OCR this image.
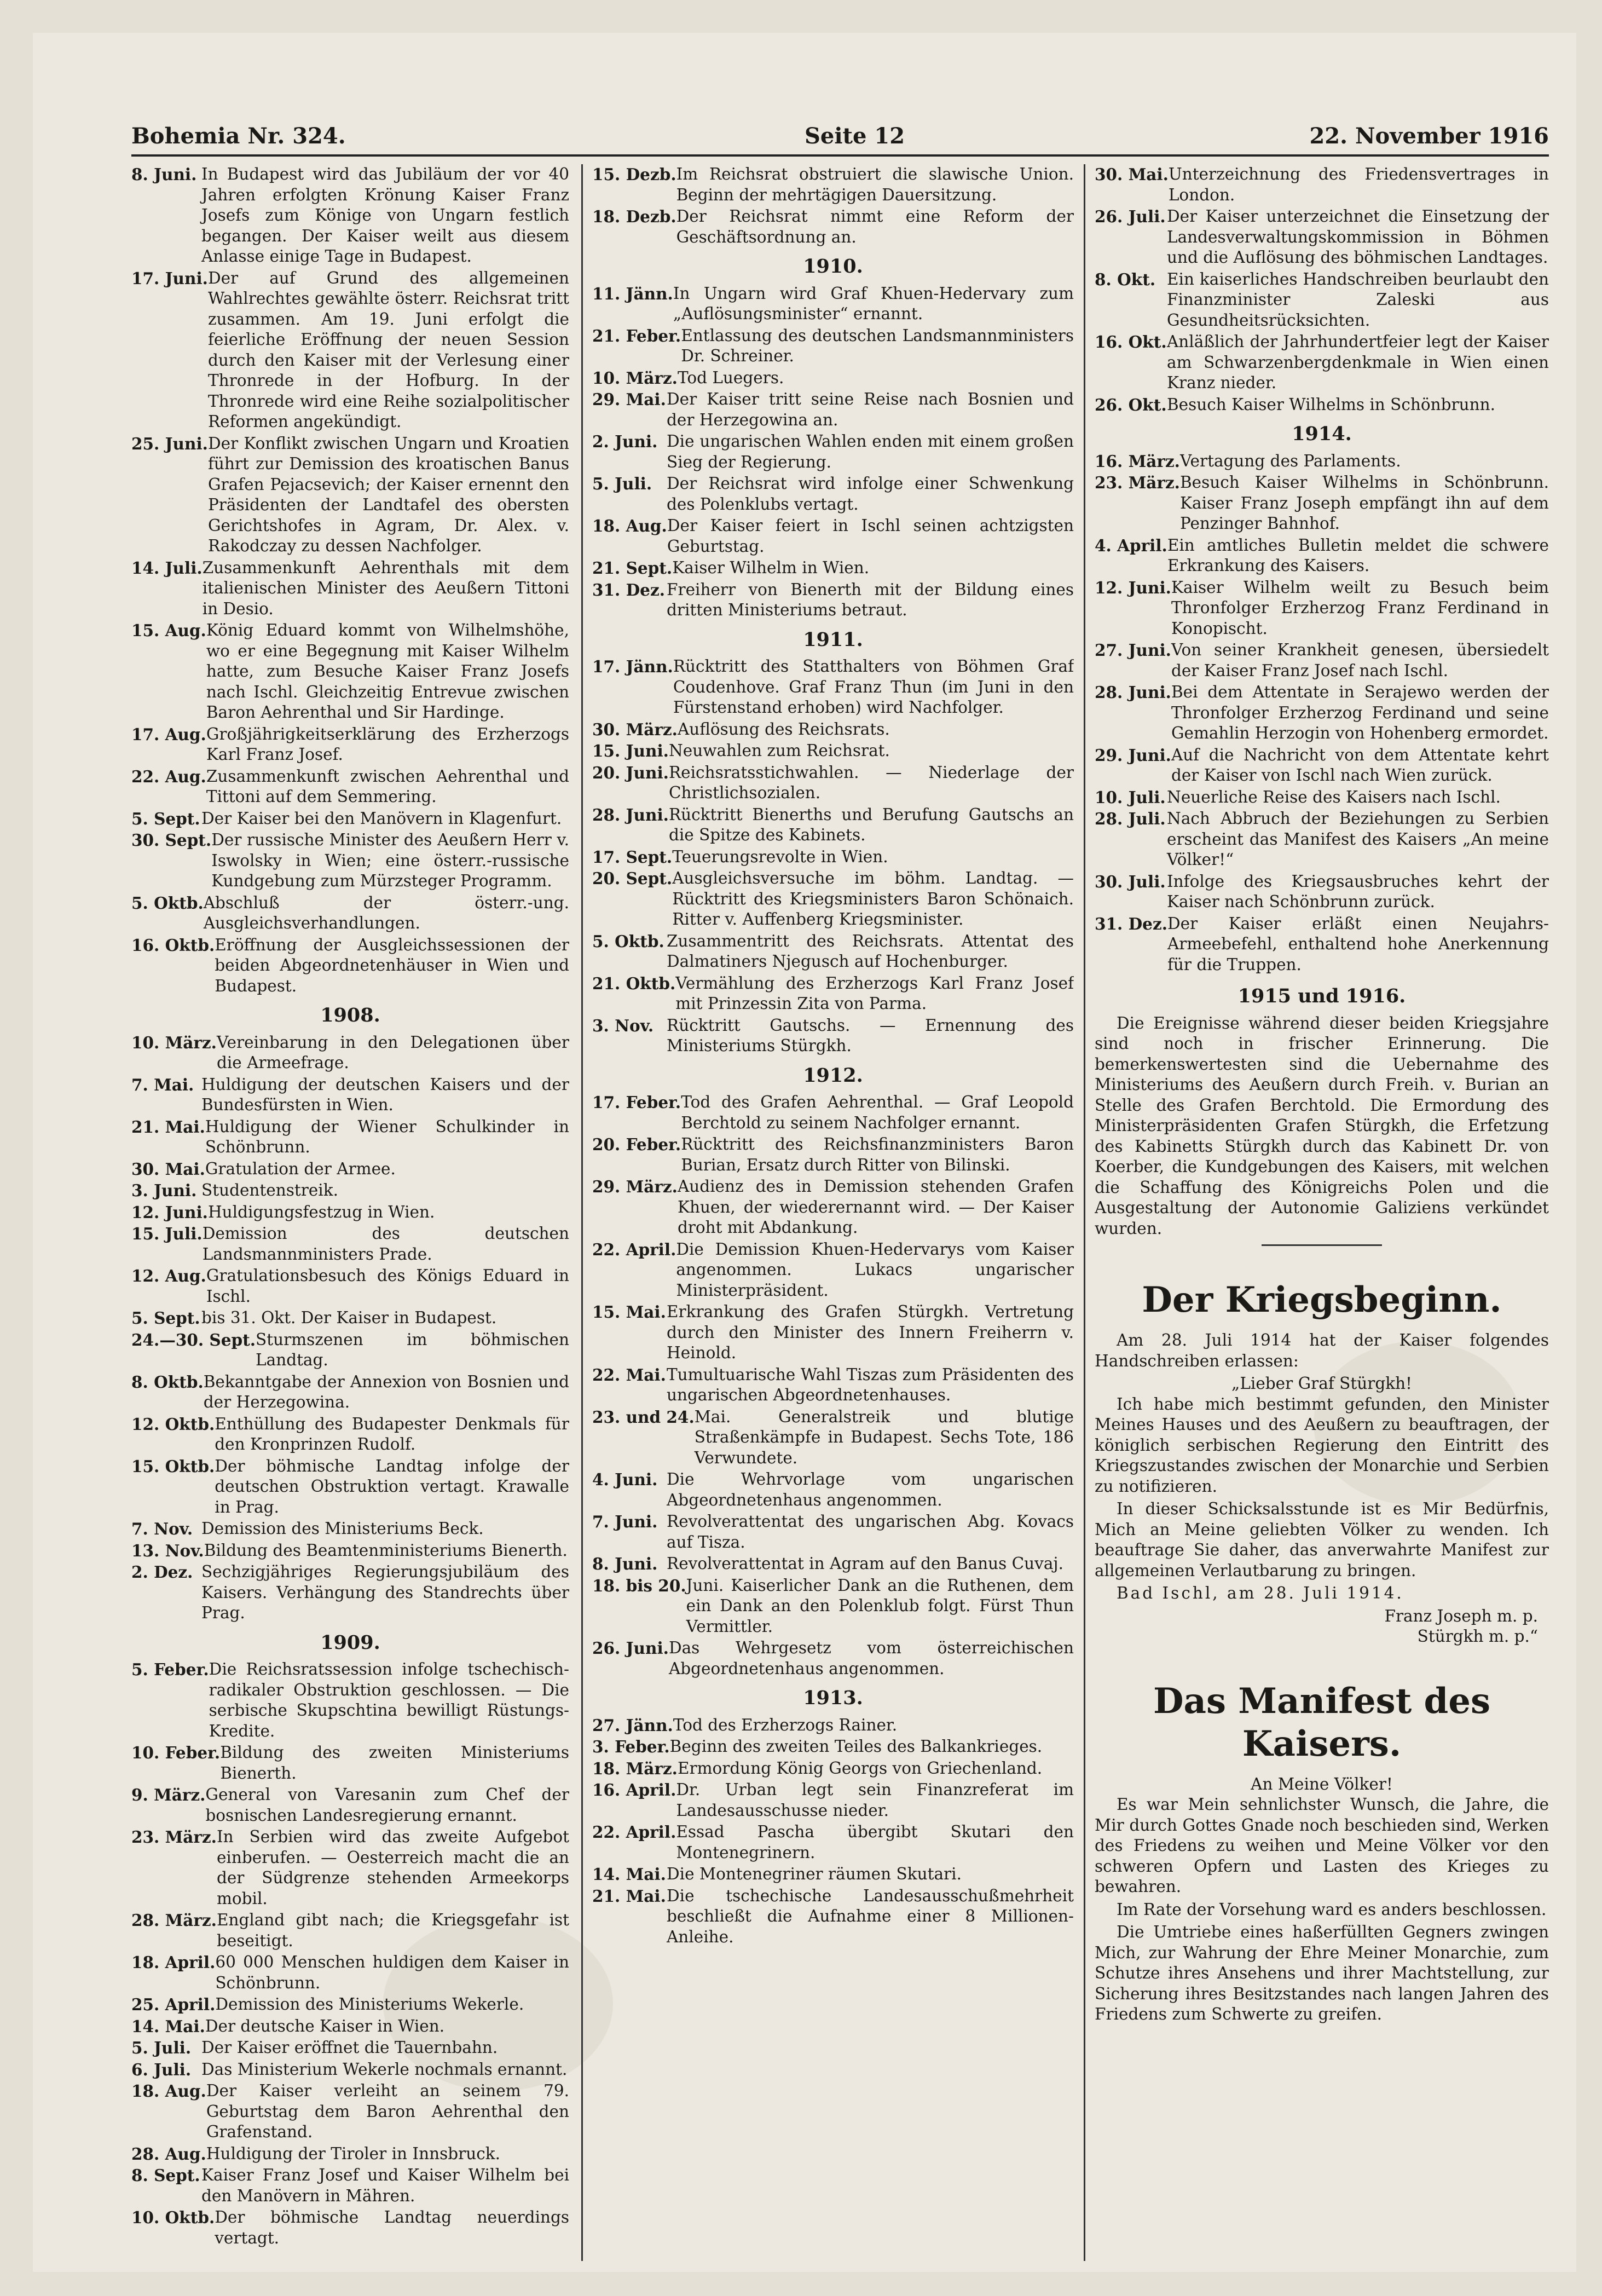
Bohemia Nr. 324.	Seite 12	22. November 1916
8. Juni. In Budapest wird das Jubiläum der vor 40 Jahren erfolgten Krönung Kaiser Franz Josefs zum Könige von Ungarn festlich begangen. Der Kaiser weilt aus diesem Anlasse einige Tage in Budapest.
17. Juni. Der auf Grund des allgemeinen Wahlrechtes gewählte österr. Reichsrat tritt zusammen. Am 19. Juni erfolgt die feierliche Eröffnung der neuen Session durch den Kaiser mit der Verlesung einer Thronrede in der Hofburg. In der Thronrede wird eine Reihe sozialpolitischer Reformen angekündigt.
25. Juni. Der Konflikt zwischen Ungarn und Kroatien führt zur Demission des kroatischen Banus Grafen Pejacsevich; der Kaiser ernennt den Präsidenten der Landtafel des obersten Gerichtshofes in Agram, Dr. Alex. v. Rakodczay zu dessen Nachfolger.
14. Juli. Zusammenkunft Aehrenthals mit dem italienischen Minister des Aeußern Tittoni in Desio.
15. Aug. König Eduard kommt von Wilhelmshöhe, wo er eine Begegnung mit Kaiser Wilhelm hatte, zum Besuche Kaiser Franz Josefs nach Ischl. Gleichzeitig Entrevue zwischen Baron Aehrenthal und Sir Hardinge.
17. Aug. Großjährigkeitserklärung des Erzherzogs Karl Franz Josef.
22. Aug. Zusammenkunft zwischen Aehrenthal und Tittoni auf dem Semmering.
5. Sept. Der Kaiser bei den Manövern in Klagenfurt.
30. Sept. Der russische Minister des Aeußern Herr v. Iswolsky in Wien; eine österr.-russische Kundgebung zum Mürzsteger Programm.
5. Oktb. Abschluß der österr.-ung. Ausgleichsverhandlungen.
16. Oktb. Eröffnung der Ausgleichssessionen der beiden Abgeordnetenhäuser in Wien und Budapest.
1908.
10. März. Vereinbarung in den Delegationen über die Armeefrage.
7. Mai. Huldigung der deutschen Kaisers und der Bundesfürsten in Wien.
21. Mai. Huldigung der Wiener Schulkinder in Schönbrunn.
30. Mai. Gratulation der Armee.
3. Juni. Studentenstreik.
12. Juni. Huldigungsfestzug in Wien.
15. Juli. Demission des deutschen Landsmannministers Prade.
12. Aug. Gratulationsbesuch des Königs Eduard in Ischl.
5. Sept. bis 31. Okt. Der Kaiser in Budapest.
24.—30. Sept. Sturmszenen im böhmischen Landtag.
8. Oktb. Bekanntgabe der Annexion von Bosnien und der Herzegowina.
12. Oktb. Enthüllung des Budapester Denkmals für den Kronprinzen Rudolf.
15. Oktb. Der böhmische Landtag infolge der deutschen Obstruktion vertagt. Krawalle in Prag.
7. Nov. Demission des Ministeriums Beck.
13. Nov. Bildung des Beamtenministeriums Bienerth.
2. Dez. Sechzigjähriges Regierungsjubiläum des Kaisers. Verhängung des Standrechts über Prag.
1909.
5. Feber. Die Reichsratssession infolge tschechisch-radikaler Obstruktion geschlossen. — Die serbische Skupschtina bewilligt Rüstungs-Kredite.
10. Feber. Bildung des zweiten Ministeriums Bienerth.
9. März. General von Varesanin zum Chef der bosnischen Landesregierung ernannt.
23. März. In Serbien wird das zweite Aufgebot einberufen. — Oesterreich macht die an der Südgrenze stehenden Armeekorps mobil.
28. März. England gibt nach; die Kriegsgefahr ist beseitigt.
18. April. 60 000 Menschen huldigen dem Kaiser in Schönbrunn.
25. April. Demission des Ministeriums Wekerle.
14. Mai. Der deutsche Kaiser in Wien.
5. Juli. Der Kaiser eröffnet die Tauernbahn.
6. Juli. Das Ministerium Wekerle nochmals ernannt.
18. Aug. Der Kaiser verleiht an seinem 79. Geburtstag dem Baron Aehrenthal den Grafenstand.
28. Aug. Huldigung der Tiroler in Innsbruck.
8. Sept. Kaiser Franz Josef und Kaiser Wilhelm bei den Manövern in Mähren.
10. Oktb. Der böhmische Landtag neuerdings vertagt.
15. Dezb. Im Reichsrat obstruiert die slawische Union. Beginn der mehrtägigen Dauersitzung.
18. Dezb. Der Reichsrat nimmt eine Reform der Geschäftsordnung an.
1910.
11. Jänn. In Ungarn wird Graf Khuen-Hedervary zum „Auflösungsminister“ ernannt.
21. Feber. Entlassung des deutschen Landsmannministers Dr. Schreiner.
10. März. Tod Luegers.
29. Mai. Der Kaiser tritt seine Reise nach Bosnien und der Herzegowina an.
2. Juni. Die ungarischen Wahlen enden mit einem großen Sieg der Regierung.
5. Juli. Der Reichsrat wird infolge einer Schwenkung des Polenklubs vertagt.
18. Aug. Der Kaiser feiert in Ischl seinen achtzigsten Geburtstag.
21. Sept. Kaiser Wilhelm in Wien.
31. Dez. Freiherr von Bienerth mit der Bildung eines dritten Ministeriums betraut.
1911.
17. Jänn. Rücktritt des Statthalters von Böhmen Graf Coudenhove. Graf Franz Thun (im Juni in den Fürstenstand erhoben) wird Nachfolger.
30. März. Auflösung des Reichsrats.
15. Juni. Neuwahlen zum Reichsrat.
20. Juni. Reichsratsstichwahlen. — Niederlage der Christlichsozialen.
28. Juni. Rücktritt Bienerths und Berufung Gautschs an die Spitze des Kabinets.
17. Sept. Teuerungsrevolte in Wien.
20. Sept. Ausgleichsversuche im böhm. Landtag. — Rücktritt des Kriegsministers Baron Schönaich. Ritter v. Auffenberg Kriegsminister.
5. Oktb. Zusammentritt des Reichsrats. Attentat des Dalmatiners Njegusch auf Hochenburger.
21. Oktb. Vermählung des Erzherzogs Karl Franz Josef mit Prinzessin Zita von Parma.
3. Nov. Rücktritt Gautschs. — Ernennung des Ministeriums Stürgkh.
1912.
17. Feber. Tod des Grafen Aehrenthal. — Graf Leopold Berchtold zu seinem Nachfolger ernannt.
20. Feber. Rücktritt des Reichsfinanzministers Baron Burian, Ersatz durch Ritter von Bilinski.
29. März. Audienz des in Demission stehenden Grafen Khuen, der wiederernannt wird. — Der Kaiser droht mit Abdankung.
22. April. Die Demission Khuen-Hedervarys vom Kaiser angenommen. Lukacs ungarischer Ministerpräsident.
15. Mai. Erkrankung des Grafen Stürgkh. Vertretung durch den Minister des Innern Freiherrn v. Heinold.
22. Mai. Tumultuarische Wahl Tiszas zum Präsidenten des ungarischen Abgeordnetenhauses.
23. und 24. Mai. Generalstreik und blutige Straßenkämpfe in Budapest. Sechs Tote, 186 Verwundete.
4. Juni. Die Wehrvorlage vom ungarischen Abgeordnetenhaus angenommen.
7. Juni. Revolverattentat des ungarischen Abg. Kovacs auf Tisza.
8. Juni. Revolverattentat in Agram auf den Banus Cuvaj.
18. bis 20. Juni. Kaiserlicher Dank an die Ruthenen, dem ein Dank an den Polenklub folgt. Fürst Thun Vermittler.
26. Juni. Das Wehrgesetz vom österreichischen Abgeordnetenhaus angenommen.
1913.
27. Jänn. Tod des Erzherzogs Rainer.
3. Feber. Beginn des zweiten Teiles des Balkankrieges.
18. März. Ermordung König Georgs von Griechenland.
16. April. Dr. Urban legt sein Finanzreferat im Landesausschusse nieder.
22. April. Essad Pascha übergibt Skutari den Montenegrinern.
14. Mai. Die Montenegriner räumen Skutari.
21. Mai. Die tschechische Landesausschußmehrheit beschließt die Aufnahme einer 8 Millionen-Anleihe.
30. Mai. Unterzeichnung des Friedensvertrages in London.
26. Juli. Der Kaiser unterzeichnet die Einsetzung der Landesverwaltungskommission in Böhmen und die Auflösung des böhmischen Landtages.
8. Okt. Ein kaiserliches Handschreiben beurlaubt den Finanzminister Zaleski aus Gesundheitsrücksichten.
16. Okt. Anläßlich der Jahrhundertfeier legt der Kaiser am Schwarzenbergdenkmale in Wien einen Kranz nieder.
26. Okt. Besuch Kaiser Wilhelms in Schönbrunn.
1914.
16. März. Vertagung des Parlaments.
23. März. Besuch Kaiser Wilhelms in Schönbrunn. Kaiser Franz Joseph empfängt ihn auf dem Penzinger Bahnhof.
4. April. Ein amtliches Bulletin meldet die schwere Erkrankung des Kaisers.
12. Juni. Kaiser Wilhelm weilt zu Besuch beim Thronfolger Erzherzog Franz Ferdinand in Konopischt.
27. Juni. Von seiner Krankheit genesen, übersiedelt der Kaiser Franz Josef nach Ischl.
28. Juni. Bei dem Attentate in Serajewo werden der Thronfolger Erzherzog Ferdinand und seine Gemahlin Herzogin von Hohenberg ermordet.
29. Juni. Auf die Nachricht von dem Attentate kehrt der Kaiser von Ischl nach Wien zurück.
10. Juli. Neuerliche Reise des Kaisers nach Ischl.
28. Juli. Nach Abbruch der Beziehungen zu Serbien erscheint das Manifest des Kaisers „An meine Völker!“
30. Juli. Infolge des Kriegsausbruches kehrt der Kaiser nach Schönbrunn zurück.
31. Dez. Der Kaiser erläßt einen Neujahrs-Armeebefehl, enthaltend hohe Anerkennung für die Truppen.
1915 und 1916.
Die Ereignisse während dieser beiden Kriegsjahre sind noch in frischer Erinnerung. Die bemerkenswertesten sind die Uebernahme des Ministeriums des Aeußern durch Freih. v. Burian an Stelle des Grafen Berchtold. Die Ermordung des Ministerpräsidenten Grafen Stürgkh, die Erfetzung des Kabinetts Stürgkh durch das Kabinett Dr. von Koerber, die Kundgebungen des Kaisers, mit welchen die Schaffung des Königreichs Polen und die Ausgestaltung der Autonomie Galiziens verkündet wurden.
Der Kriegsbeginn.
Am 28. Juli 1914 hat der Kaiser folgendes Handschreiben erlassen:
„Lieber Graf Stürgkh!
Ich habe mich bestimmt gefunden, den Minister Meines Hauses und des Aeußern zu beauftragen, der königlich serbischen Regierung den Eintritt des Kriegszustandes zwischen der Monarchie und Serbien zu notifizieren.
In dieser Schicksalsstunde ist es Mir Bedürfnis, Mich an Meine geliebten Völker zu wenden. Ich beauftrage Sie daher, das anverwahrte Manifest zur allgemeinen Verlautbarung zu bringen.
Bad Ischl, am 28. Juli 1914.
Franz Joseph m. p.
Stürgkh m. p.“
Das Manifest des Kaisers.
An Meine Völker!
Es war Mein sehnlichster Wunsch, die Jahre, die Mir durch Gottes Gnade noch beschieden sind, Werken des Friedens zu weihen und Meine Völker vor den schweren Opfern und Lasten des Krieges zu bewahren.
Im Rate der Vorsehung ward es anders beschlossen.
Die Umtriebe eines haßerfüllten Gegners zwingen Mich, zur Wahrung der Ehre Meiner Monarchie, zum Schutze ihres Ansehens und ihrer Machtstellung, zur Sicherung ihres Besitzstandes nach langen Jahren des Friedens zum Schwerte zu greifen.
